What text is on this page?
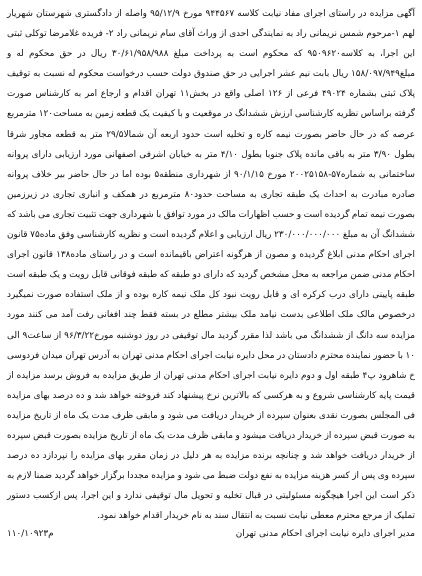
آگهی مزایده در راستای اجرای مفاد نیابت کلاسه ۹۴۴۵۶۷ مورخ ۹۵/۱۲/۹ واصله از دادگستری شهرستان شهریار لهم ۱-مرحوم شمس نریمانی راد به نمایندگی احدی از وراث آقای سام نریمانی راد ۲- فریده غلامرضا توکلی ثبتی این اجرا، به کلاسه۹۵۰۹۶۲۰ که محکوم است به پرداخت مبلغ ۳۰/۶۱/۹۵۸/۹۸۸ ریال در حق محکوم له و مبلغ۱۵۸/۰۹۷/۹۴۹ ریال بابت نیم عشر اجرایی در حق صندوق دولت حسب درخواست محکوم له نسبت به توقیف پلاک ثبتی بشماره ۴۹۰۲۴ فرعی از ۱۲۶ اصلی واقع در بخش۱۱ تهران اقدام و ارجاع امر به کارشناس صورت گرفته براساس نظریه کارشناسی ارزش ششدانگ در موقعیت و با کیفیت یک قطعه زمین به مساحت۱۲۰ مترمربع عرصه که در حال حاضر بصورت نیمه کاره و تخلیه است حدود اربعه آن شمالا۲۹/۵ متر به قطعه مجاور شرقا بطول ۳/۹۰ متر به باقی مانده پلاک جنوبا بطول ۴/۱۰ متر به خیابان اشرفی اصفهانی مورد ارزیابی دارای پروانه ساختمانی به شماره۵۷-۲۰۰۲۵۱۵۸ مورخ ۹۰/۱/۱۵ از شهرداری منطقه۵ بوده اما در حال حاضر بیر خلاف پروانه صادره مبادرت به احداث یک طبقه تجاری به مساحت حدود۸۰ مترمربع در همکف و انباری تجاری در زیرزمین بصورت نیمه تمام گردیده است و حسب اظهارات مالک در مورد توافق با شهرداری جهت تثبیت تجاری می باشد که ششدانگ آن به مبلغ ۲۳۰/۰۰۰/۰۰۰/۰۰۰ ریال ارزیابی و اعلام گردیده است و نظریه کارشناسی وفق ماده۷۵ قانون اجرای احکام مدنی ابلاغ گردیده و مصون از هرگونه اعتراض باقیمانده است و در راستای ماده۱۳۸ قانون اجرای احکام مدنی ضمن مراجعه به محل مشخص گردید که دارای دو طبقه که طبقه فوقانی قابل رویت و یک طبقه است طبقه پایینی دارای درب کرکره ای و قابل رویت نبود کل ملک نیمه کاره بوده و از ملک استفاده صورت نمیگیرد درخصوص مالک ملک اطلاعی بدست نیامد ملک بیشتر مطلع در بسته فقط چند افغانی رفت آمد می کنند مورد مزایده سه دانگ از ششدانگ می باشد لذا مقرر گردید مال توقیفی در روز دوشنبه مورخ۹۶/۳/۲۲ از ساعت۹ الی ۱۰ با حضور نماینده محترم دادستان در محل دایره نیابت اجرای احکام مدنی تهران به آدرس تهران میدان فردوسی خ شاهرود پ۴ طبقه اول و دوم دایره نیابت اجرای احکام مدنی تهران از طریق مزایده به فروش برسد مزایده از قیمت پایه کارشناسی شروع و به هرکسی که بالاترین نرخ پیشنهاد کند فروخته خواهد شد و ده درصد بهای مزایده فی المجلس بصورت نقدی بعنوان سپرده از خریدار دریافت می شود و مابقی ظرف مدت یک ماه از تاریخ مزایده به صورت قبض سپرده از خریدار دریافت میشود و مابقی ظرف مدت یک ماه از تاریخ مزایده بصورت قبض سپرده از خریدار دریافت خواهد شد و چنانچه برنده مزایده به هر دلیل در زمان مقرر بهای مزایده را نپردازد ده درصد سپرده وی پس از کسر هزینه مزایده به نفع دولت ضبط می شود و مزایده مجددا برگزار خواهد گردید ضمنا لازم به ذکر است این اجرا هیچگونه مسئولیتی در قبال تخلیه و تحویل مال توقیفی ندارد و این اجرا، پس ازکسب دستور تملیک از مرجع محترم معطی نیابت نسبت به انتقال سند به نام خریدار اقدام خواهد نمود.

مدیر اجرای دایره نیابت اجرای احکام مدنی تهران
۱۱۰/۱۰۹۲۳م
